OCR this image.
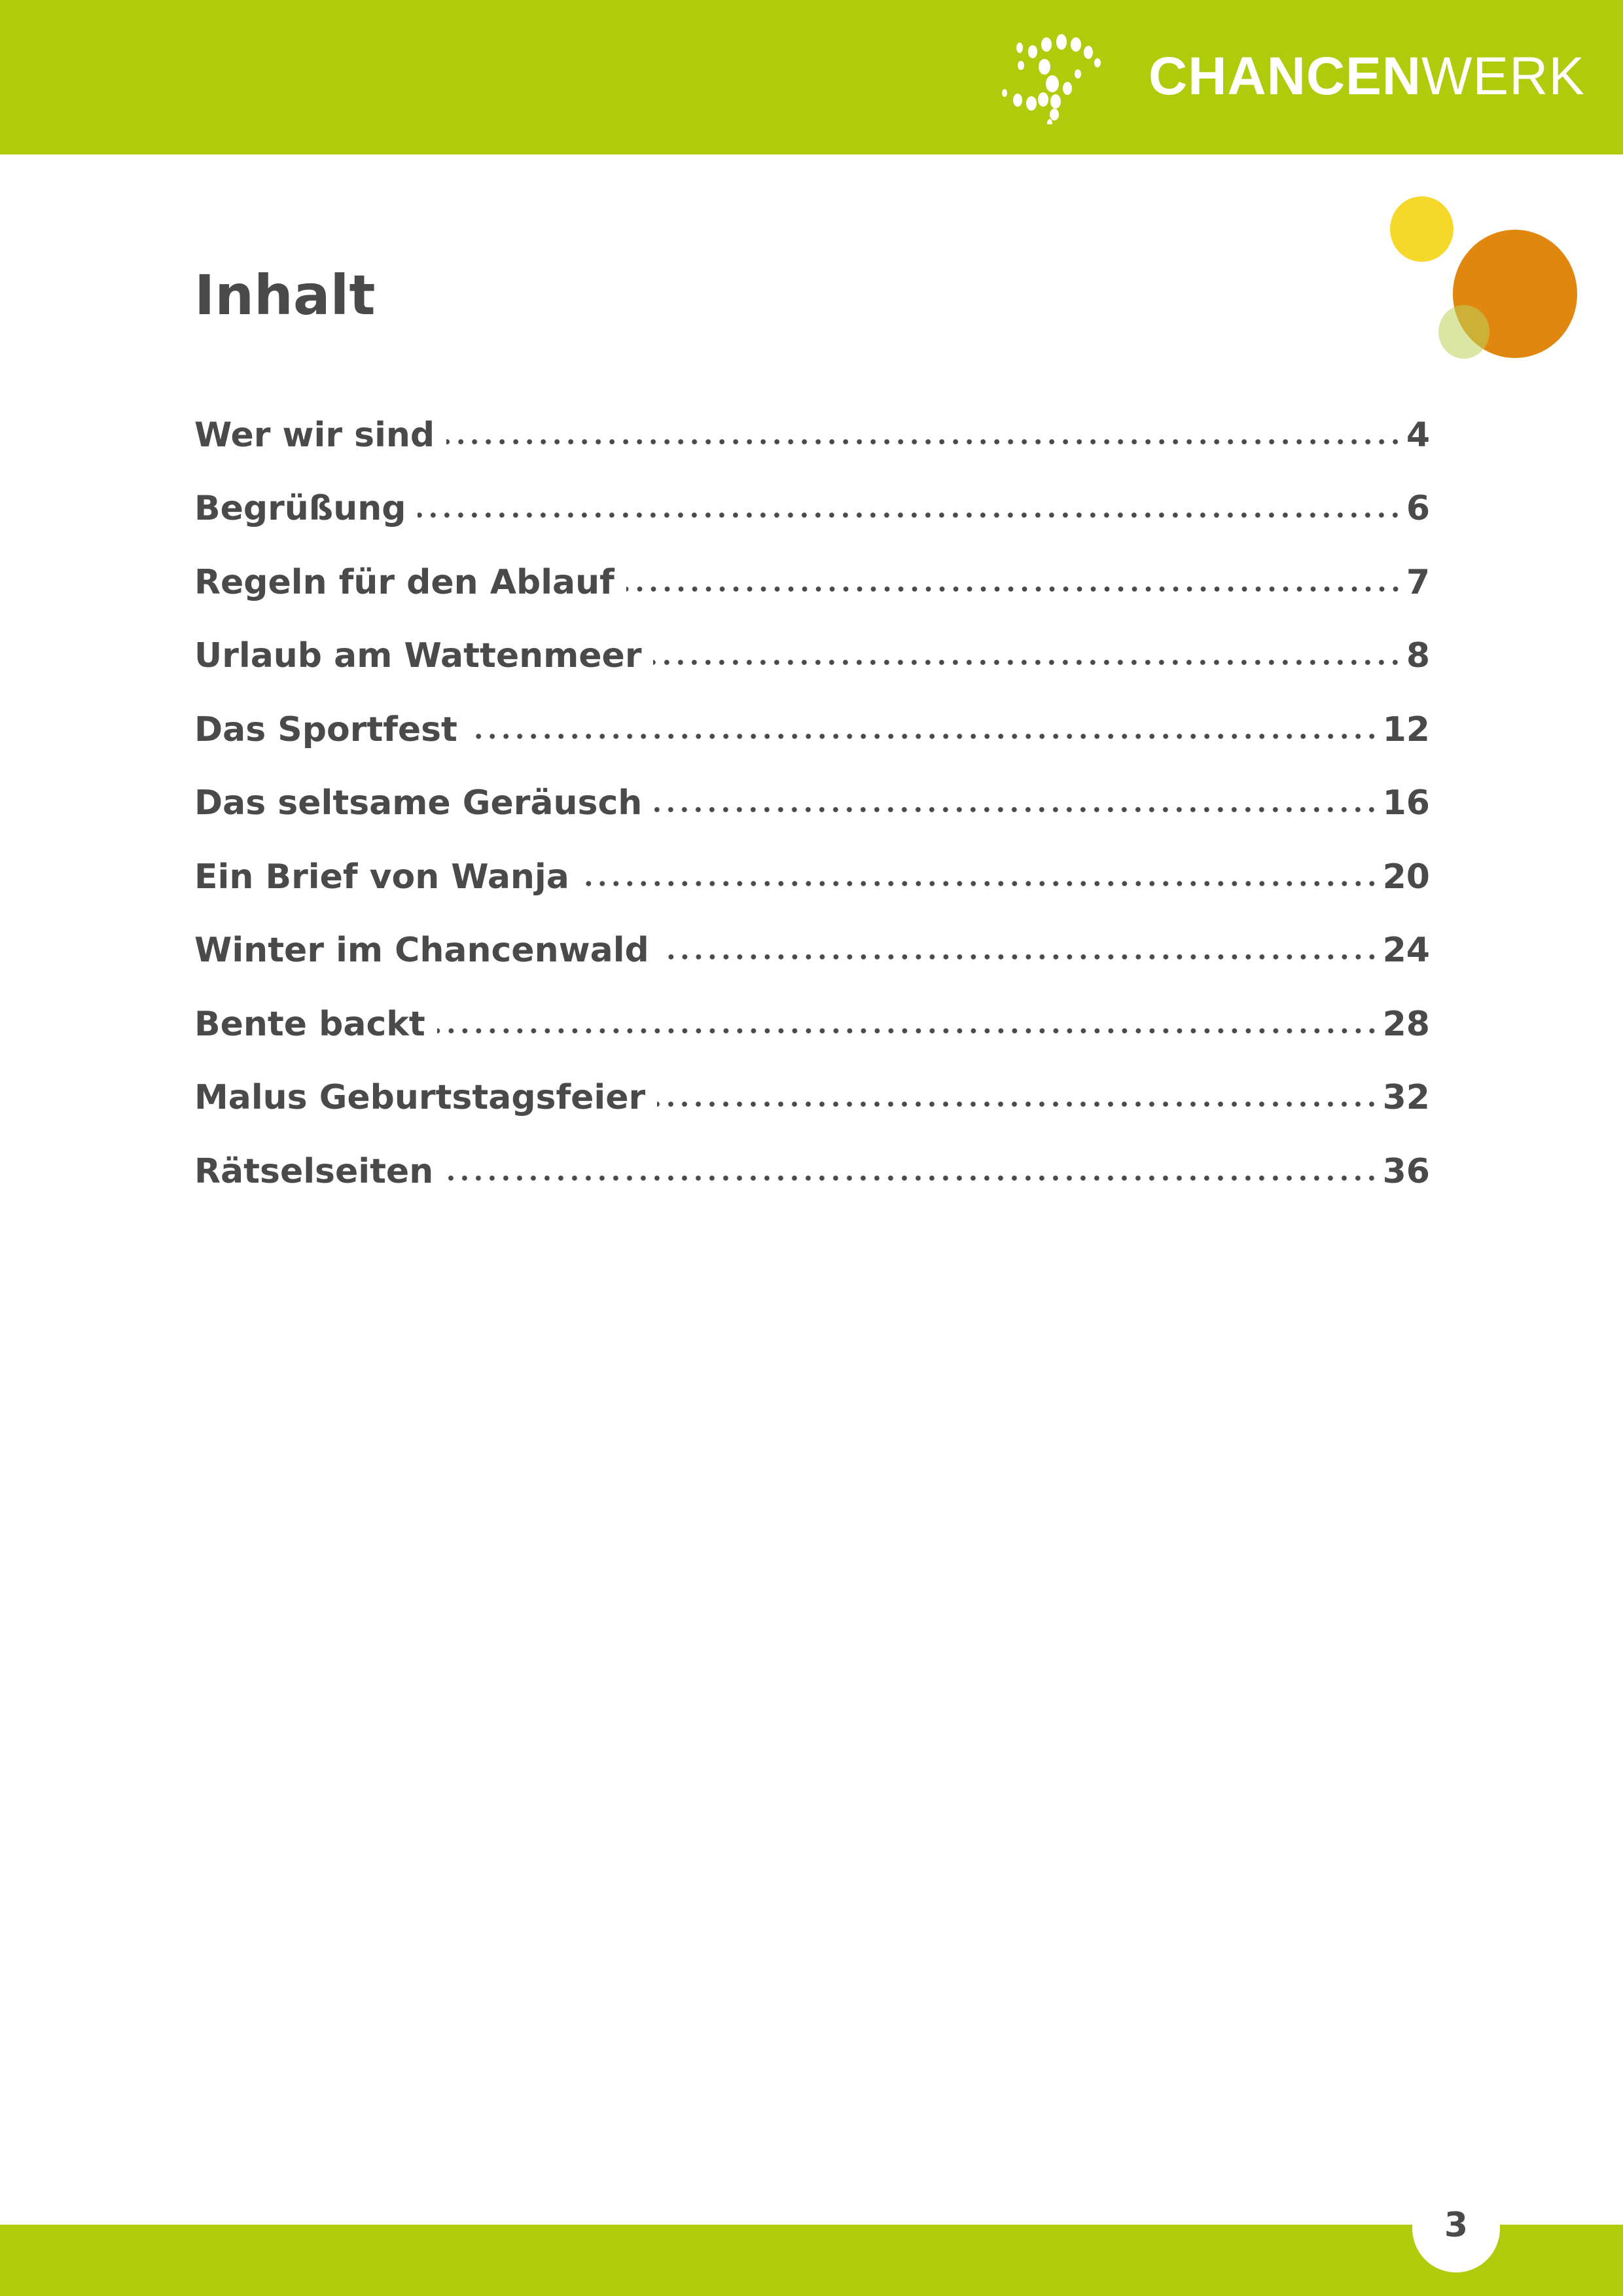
CHANCENWERK
Inhalt
Wer wir sind	4
Begrüßung	6
Regeln für den Ablauf	7
Urlaub am Wattenmeer	8
Das Sportfest	12
Das seltsame Geräusch	16
Ein Brief von Wanja	20
Winter im Chancenwald	24
Bente backt	28
Malus Geburtstagsfeier	32
Rätselseiten	36
3
